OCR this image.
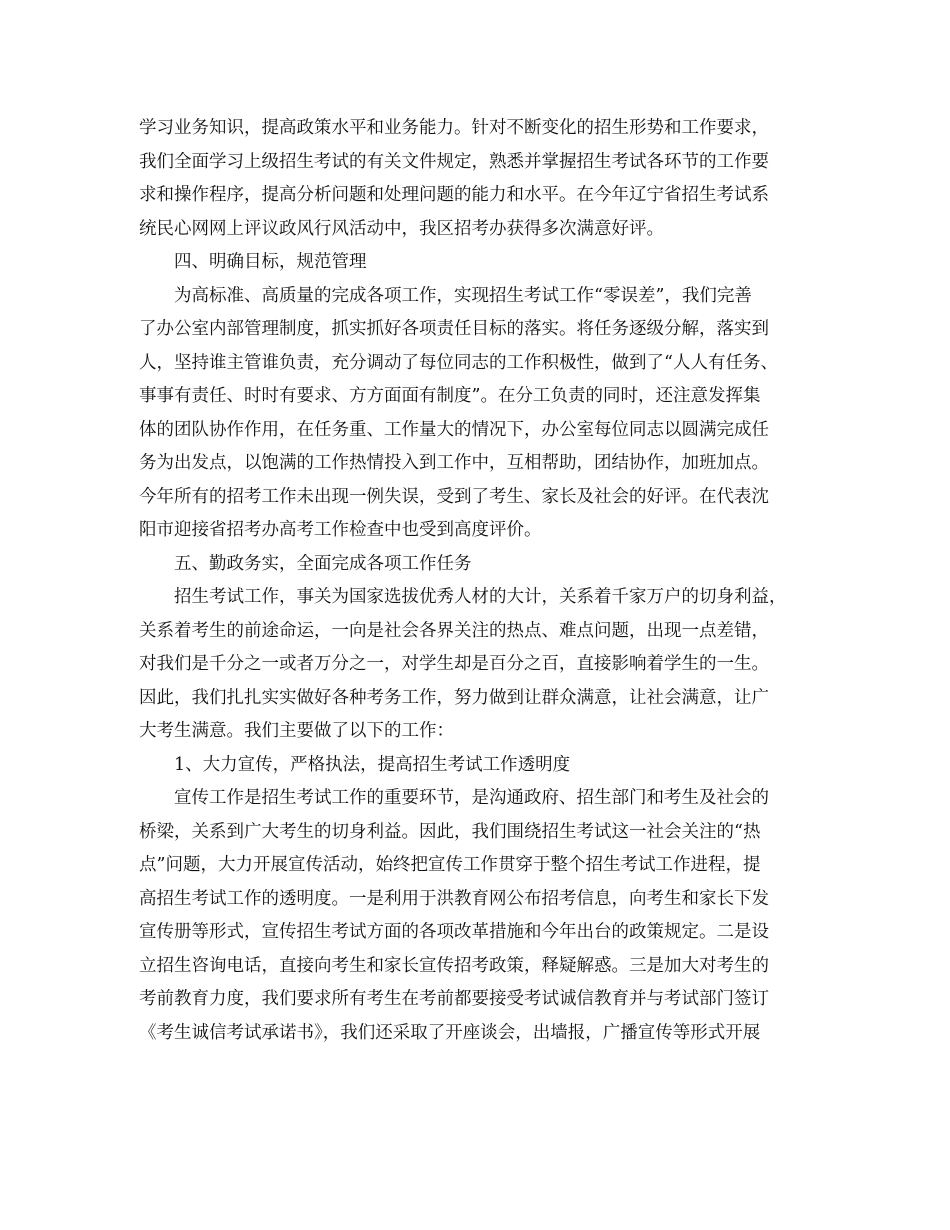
学习业务知识，提高政策水平和业务能力。针对不断变化的招生形势和工作要求，
我们全面学习上级招生考试的有关文件规定，熟悉并掌握招生考试各环节的工作要
求和操作程序，提高分析问题和处理问题的能力和水平。在今年辽宁省招生考试系
统民心网网上评议政风行风活动中，我区招考办获得多次满意好评。
四、明确目标，规范管理
为高标准、高质量的完成各项工作，实现招生考试工作“零误差”，我们完善
了办公室内部管理制度，抓实抓好各项责任目标的落实。将任务逐级分解，落实到
人，坚持谁主管谁负责，充分调动了每位同志的工作积极性，做到了“人人有任务、
事事有责任、时时有要求、方方面面有制度”。在分工负责的同时，还注意发挥集
体的团队协作作用，在任务重、工作量大的情况下，办公室每位同志以圆满完成任
务为出发点，以饱满的工作热情投入到工作中，互相帮助，团结协作，加班加点。
今年所有的招考工作未出现一例失误，受到了考生、家长及社会的好评。在代表沈
阳市迎接省招考办高考工作检查中也受到高度评价。
五、勤政务实，全面完成各项工作任务
招生考试工作，事关为国家选拔优秀人材的大计，关系着千家万户的切身利益，
关系着考生的前途命运，一向是社会各界关注的热点、难点问题，出现一点差错，
对我们是千分之一或者万分之一，对学生却是百分之百，直接影响着学生的一生。
因此，我们扎扎实实做好各种考务工作，努力做到让群众满意，让社会满意，让广
大考生满意。我们主要做了以下的工作：
1、大力宣传，严格执法，提高招生考试工作透明度
宣传工作是招生考试工作的重要环节，是沟通政府、招生部门和考生及社会的
桥梁，关系到广大考生的切身利益。因此，我们围绕招生考试这一社会关注的“热
点”问题，大力开展宣传活动，始终把宣传工作贯穿于整个招生考试工作进程，提
高招生考试工作的透明度。一是利用于洪教育网公布招考信息，向考生和家长下发
宣传册等形式，宣传招生考试方面的各项改革措施和今年出台的政策规定。二是设
立招生咨询电话，直接向考生和家长宣传招考政策，释疑解惑。三是加大对考生的
考前教育力度，我们要求所有考生在考前都要接受考试诚信教育并与考试部门签订
《考生诚信考试承诺书》，我们还采取了开座谈会，出墙报，广播宣传等形式开展
